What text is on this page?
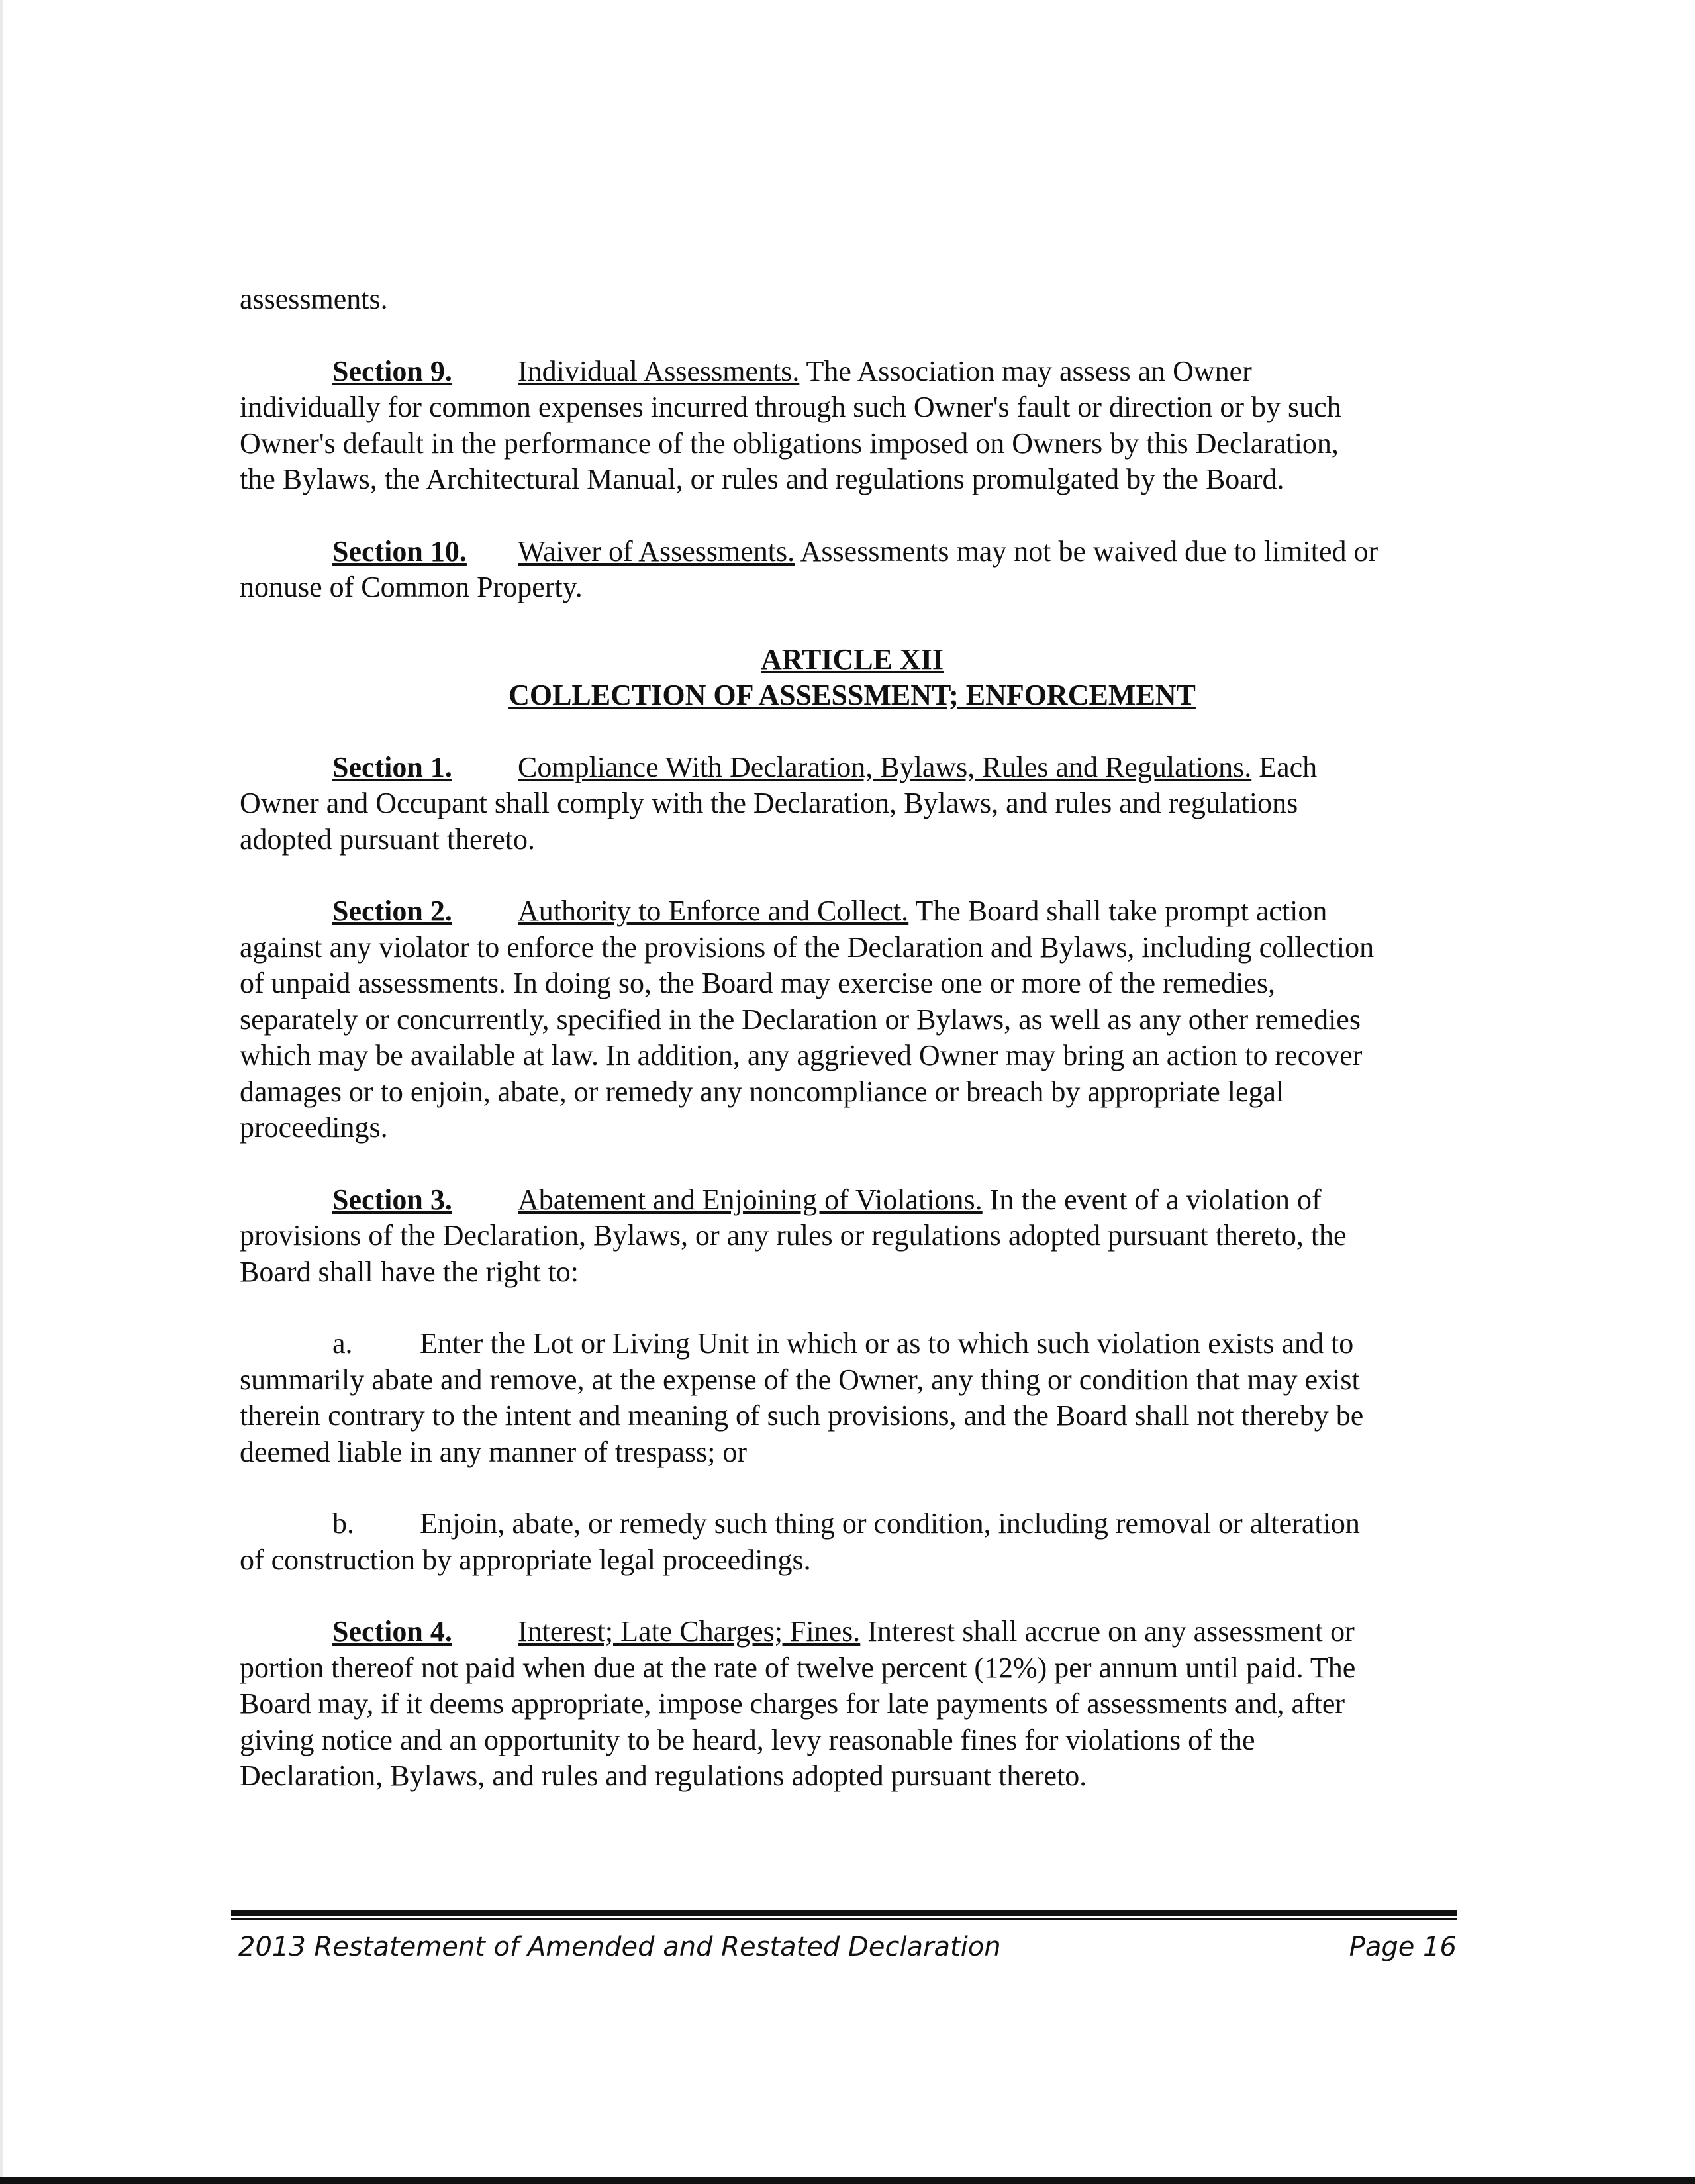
assessments.

Section 9. Individual Assessments. The Association may assess an Owner

individually for common expenses incurred through such Owner's fault or direction or by such

Owner's default in the performance of the obligations imposed on Owners by this Declaration,

the Bylaws, the Architectural Manual, or rules and regulations promulgated by the Board.

Section 10. Waiver of Assessments. Assessments may not be waived due to limited or

nonuse of Common Property.

ARTICLE XII
COLLECTION OF ASSESSMENT; ENFORCEMENT

Section 1. Compliance With Declaration, Bylaws, Rules and Regulations. Each

Owner and Occupant shall comply with the Declaration, Bylaws, and rules and regulations

adopted pursuant thereto.

Section 2. Authority to Enforce and Collect. The Board shall take prompt action

against any violator to enforce the provisions of the Declaration and Bylaws, including collection

of unpaid assessments. In doing so, the Board may exercise one or more of the remedies,

separately or concurrently, specified in the Declaration or Bylaws, as well as any other remedies

which may be available at law. In addition, any aggrieved Owner may bring an action to recover

damages or to enjoin, abate, or remedy any noncompliance or breach by appropriate legal

proceedings.

Section 3. Abatement and Enjoining of Violations. In the event of a violation of

provisions of the Declaration, Bylaws, or any rules or regulations adopted pursuant thereto, the

Board shall have the right to:

a. Enter the Lot or Living Unit in which or as to which such violation exists and to

summarily abate and remove, at the expense of the Owner, any thing or condition that may exist

therein contrary to the intent and meaning of such provisions, and the Board shall not thereby be

deemed liable in any manner of trespass; or

b. Enjoin, abate, or remedy such thing or condition, including removal or alteration

of construction by appropriate legal proceedings.

Section 4. Interest; Late Charges; Fines. Interest shall accrue on any assessment or

portion thereof not paid when due at the rate of twelve percent (12%) per annum until paid. The

Board may, if it deems appropriate, impose charges for late payments of assessments and, after

giving notice and an opportunity to be heard, levy reasonable fines for violations of the

Declaration, Bylaws, and rules and regulations adopted pursuant thereto.

2013 Restatement of Amended and Restated Declaration	Page 16
